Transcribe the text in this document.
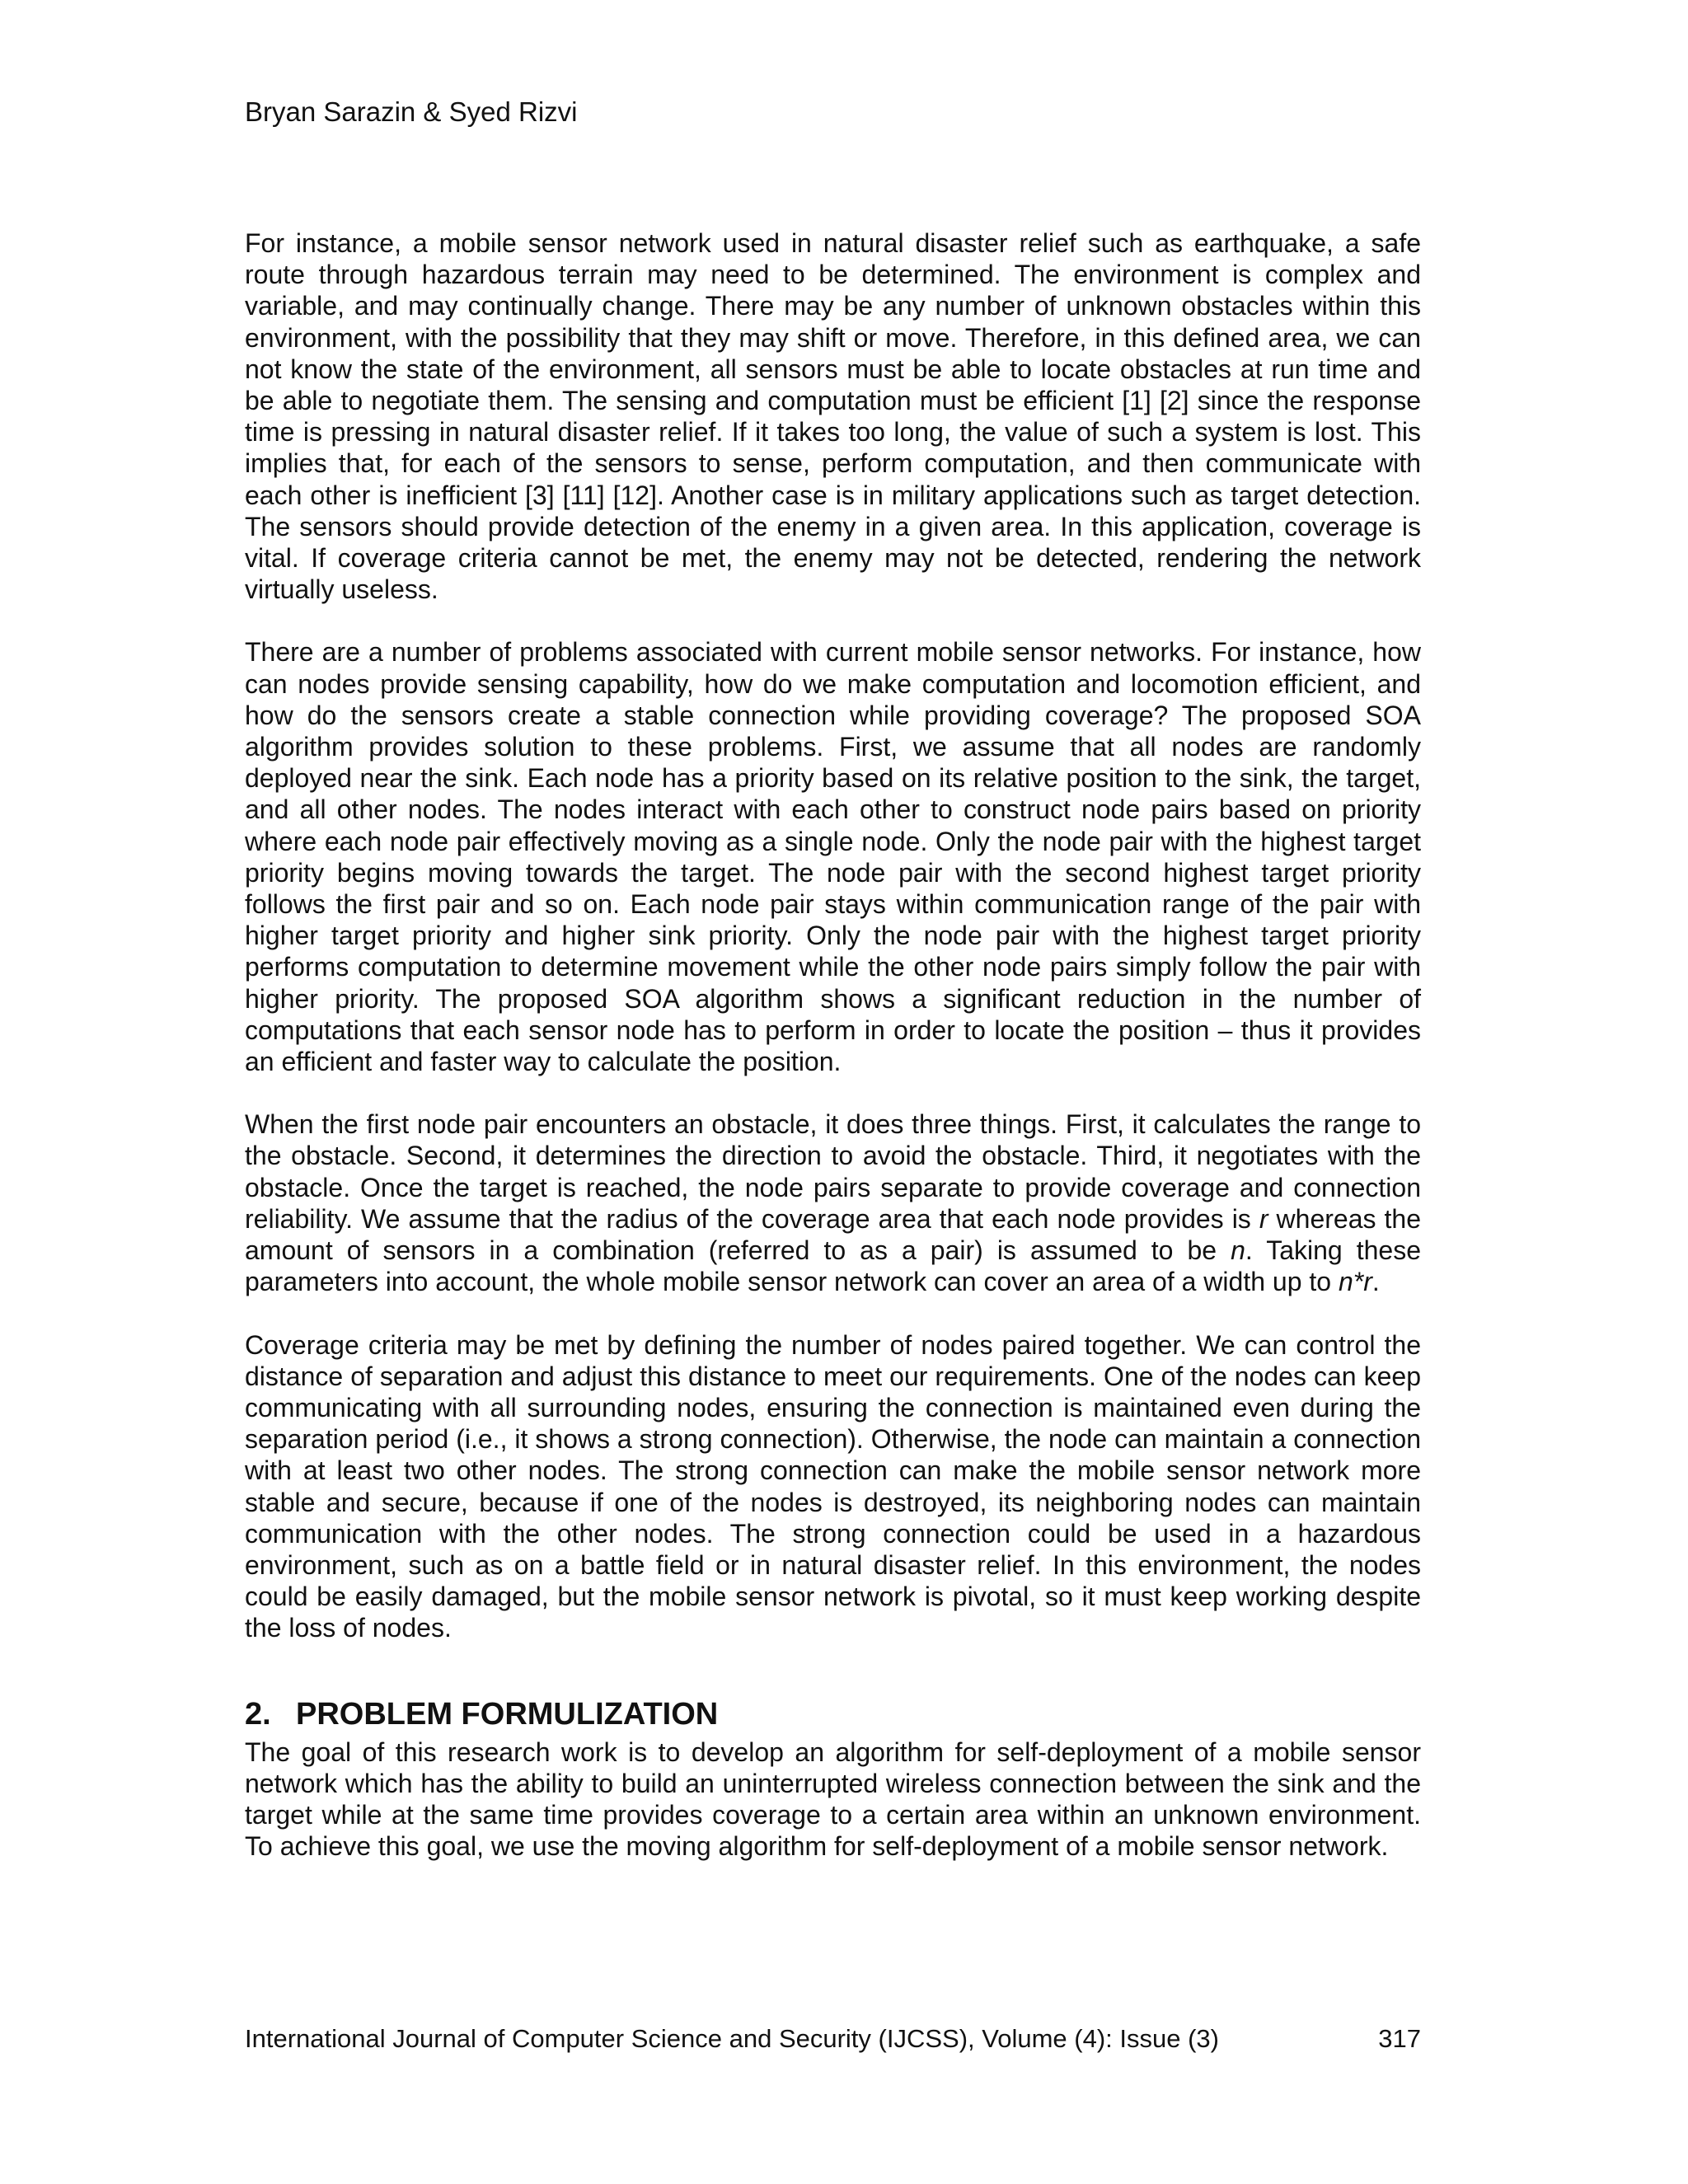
Bryan Sarazin & Syed Rizvi

For instance, a mobile sensor network used in natural disaster relief such as earthquake, a safe route through hazardous terrain may need to be determined. The environment is complex and variable, and may continually change. There may be any number of unknown obstacles within this environment, with the possibility that they may shift or move. Therefore, in this defined area, we can not know the state of the environment, all sensors must be able to locate obstacles at run time and be able to negotiate them. The sensing and computation must be efficient [1] [2] since the response time is pressing in natural disaster relief. If it takes too long, the value of such a system is lost. This implies that, for each of the sensors to sense, perform computation, and then communicate with each other is inefficient [3] [11] [12]. Another case is in military applications such as target detection. The sensors should provide detection of the enemy in a given area. In this application, coverage is vital. If coverage criteria cannot be met, the enemy may not be detected, rendering the network virtually useless.

There are a number of problems associated with current mobile sensor networks. For instance, how can nodes provide sensing capability, how do we make computation and locomotion efficient, and how do the sensors create a stable connection while providing coverage? The proposed SOA algorithm provides solution to these problems. First, we assume that all nodes are randomly deployed near the sink. Each node has a priority based on its relative position to the sink, the target, and all other nodes. The nodes interact with each other to construct node pairs based on priority where each node pair effectively moving as a single node. Only the node pair with the highest target priority begins moving towards the target. The node pair with the second highest target priority follows the first pair and so on. Each node pair stays within communication range of the pair with higher target priority and higher sink priority. Only the node pair with the highest target priority performs computation to determine movement while the other node pairs simply follow the pair with higher priority. The proposed SOA algorithm shows a significant reduction in the number of computations that each sensor node has to perform in order to locate the position – thus it provides an efficient and faster way to calculate the position.

When the first node pair encounters an obstacle, it does three things. First, it calculates the range to the obstacle. Second, it determines the direction to avoid the obstacle. Third, it negotiates with the obstacle. Once the target is reached, the node pairs separate to provide coverage and connection reliability. We assume that the radius of the coverage area that each node provides is r whereas the amount of sensors in a combination (referred to as a pair) is assumed to be n. Taking these parameters into account, the whole mobile sensor network can cover an area of a width up to n*r.

Coverage criteria may be met by defining the number of nodes paired together. We can control the distance of separation and adjust this distance to meet our requirements. One of the nodes can keep communicating with all surrounding nodes, ensuring the connection is maintained even during the separation period (i.e., it shows a strong connection). Otherwise, the node can maintain a connection with at least two other nodes. The strong connection can make the mobile sensor network more stable and secure, because if one of the nodes is destroyed, its neighboring nodes can maintain communication with the other nodes. The strong connection could be used in a hazardous environment, such as on a battle field or in natural disaster relief. In this environment, the nodes could be easily damaged, but the mobile sensor network is pivotal, so it must keep working despite the loss of nodes.

2. PROBLEM FORMULIZATION

The goal of this research work is to develop an algorithm for self-deployment of a mobile sensor network which has the ability to build an uninterrupted wireless connection between the sink and the target while at the same time provides coverage to a certain area within an unknown environment. To achieve this goal, we use the moving algorithm for self-deployment of a mobile sensor network.

International Journal of Computer Science and Security (IJCSS), Volume (4): Issue (3)	317
